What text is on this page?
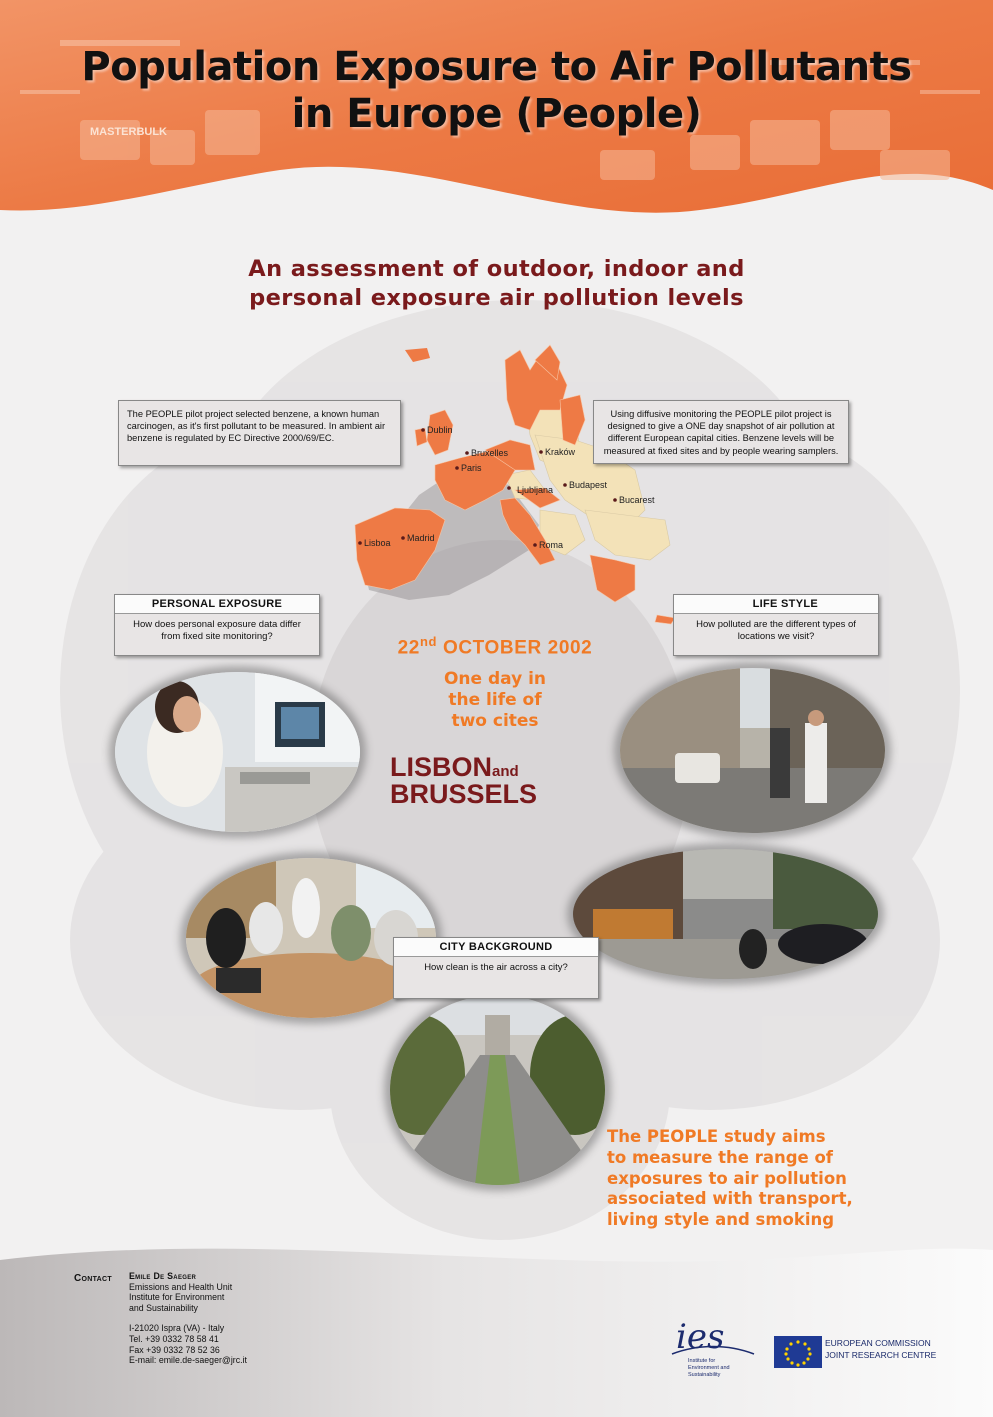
MASTERBULK
Population Exposure to Air Pollutants
in Europe (People)
An assessment of outdoor, indoor and
personal exposure air pollution levels
Dublin
Bruxelles
Paris
Kraków
Ljubljana Budapest
Bucarest
Madrid
Lisboa	Roma
The PEOPLE pilot project selected benzene, a known human carcinogen, as it's first pollutant to be measured. In ambient air benzene is regulated by EC Directive 2000/69/EC.
Using diffusive monitoring the PEOPLE pilot project is designed to give a ONE day snapshot of air pollution at different European capital cities. Benzene levels will be measured at fixed sites and by people wearing samplers.
PERSONAL EXPOSURE
How does personal exposure data differ from fixed site monitoring?
LIFE STYLE
How polluted are the different types of locations we visit?
CITY BACKGROUND
How clean is the air across a city?

22nd OCTOBER 2002

One day in
the life of
two cites

LISBONand
BRUSSELS

The PEOPLE study aims
to measure the range of
exposures to air pollution
associated with transport,
living style and smoking

Contact Emile De Saeger
Emissions and Health Unit
Institute for Environment
and Sustainability
I-21020 Ispra (VA) - Italy
Tel. +39 0332 78 58 41
Fax +39 0332 78 52 36
E-mail: emile.de-saeger@jrc.it
ies
Institute for
Environment and
Sustainability
EUROPEAN COMMISSION
JOINT RESEARCH CENTRE
